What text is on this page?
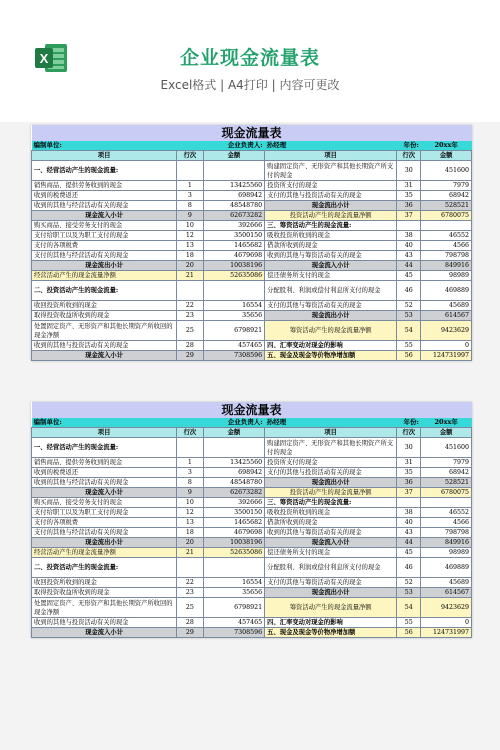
X	企业现金流量表
Excel格式 | A4打印 | 内容可更改
现金流量表					
编制单位:	企业负责人:		孙经理	年份:	20xx年
项目	行次	金额	项目	行次	金额
一、经营活动产生的现金流量:			购建固定资产、无形资产和其他长期资产所支付的现金	30	451600
销售商品、提供劳务收到的现金	1	13425560	投资所支付的现金	31	7979
收到的税费返还	3	698942	支付的其他与投资活动有关的现金	35	68942
收到的其他与经营活动有关的现金	8	48548780	现金流出小计	36	528521
现金流入小计	9	62673282	投资活动产生的现金流量净额	37	6780075
购买商品、接受劳务支付的现金	10	392666	三、筹资活动产生的现金流量:		
支付给职工以及为职工支付的现金	12	3500150	吸收投资所收到的现金	38	46552
支付的各项税费	13	1465682	借款所收到的现金	40	4566
支付的其他与经营活动有关的现金	18	4679698	收到的其他与筹资活动有关的现金	43	798798
现金流出小计	20	10038196	现金流入小计	44	849916
经营活动产生的现金流量净额	21	52635086	偿还债务所支付的现金	45	98989
二、投资活动产生的现金流量:			分配股利、利润或偿付利息所支付的现金	46	469889
收回投资所收到的现金	22	16554	支付的其他与筹资活动有关的现金	52	45689
取得投资收益所收到的现金	23	35656	现金流出小计	53	614567
处置固定资产、无形资产和其他长期资产所收回的现金净额	25	6798921	筹资活动产生的现金流量净额	54	9423629
收到的其他与投资活动有关的现金	28	457465	四、汇率变动对现金的影响	55	0
现金流入小计	29	7308596	五、现金及现金等价物净增加额	56	124731997
现金流量表					
编制单位:	企业负责人:		孙经理	年份:	20xx年
项目	行次	金额	项目	行次	金额
一、经营活动产生的现金流量:			购建固定资产、无形资产和其他长期资产所支付的现金	30	451600
销售商品、提供劳务收到的现金	1	13425560	投资所支付的现金	31	7979
收到的税费返还	3	698942	支付的其他与投资活动有关的现金	35	68942
收到的其他与经营活动有关的现金	8	48548780	现金流出小计	36	528521
现金流入小计	9	62673282	投资活动产生的现金流量净额	37	6780075
购买商品、接受劳务支付的现金	10	392666	三、筹资活动产生的现金流量:		
支付给职工以及为职工支付的现金	12	3500150	吸收投资所收到的现金	38	46552
支付的各项税费	13	1465682	借款所收到的现金	40	4566
支付的其他与经营活动有关的现金	18	4679698	收到的其他与筹资活动有关的现金	43	798798
现金流出小计	20	10038196	现金流入小计	44	849916
经营活动产生的现金流量净额	21	52635086	偿还债务所支付的现金	45	98989
二、投资活动产生的现金流量:			分配股利、利润或偿付利息所支付的现金	46	469889
收回投资所收到的现金	22	16554	支付的其他与筹资活动有关的现金	52	45689
取得投资收益所收到的现金	23	35656	现金流出小计	53	614567
处置固定资产、无形资产和其他长期资产所收回的现金净额	25	6798921	筹资活动产生的现金流量净额	54	9423629
收到的其他与投资活动有关的现金	28	457465	四、汇率变动对现金的影响	55	0
现金流入小计	29	7308596	五、现金及现金等价物净增加额	56	124731997
